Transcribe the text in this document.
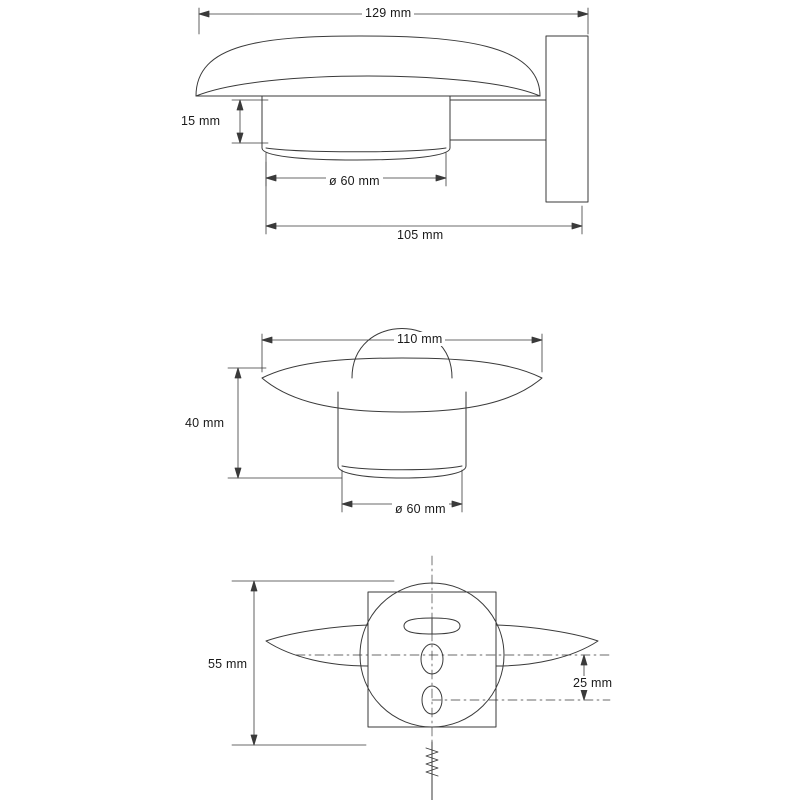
129 mm
15 mm
ø 60 mm
105 mm
110 mm
40 mm
ø 60 mm
55 mm
25 mm
